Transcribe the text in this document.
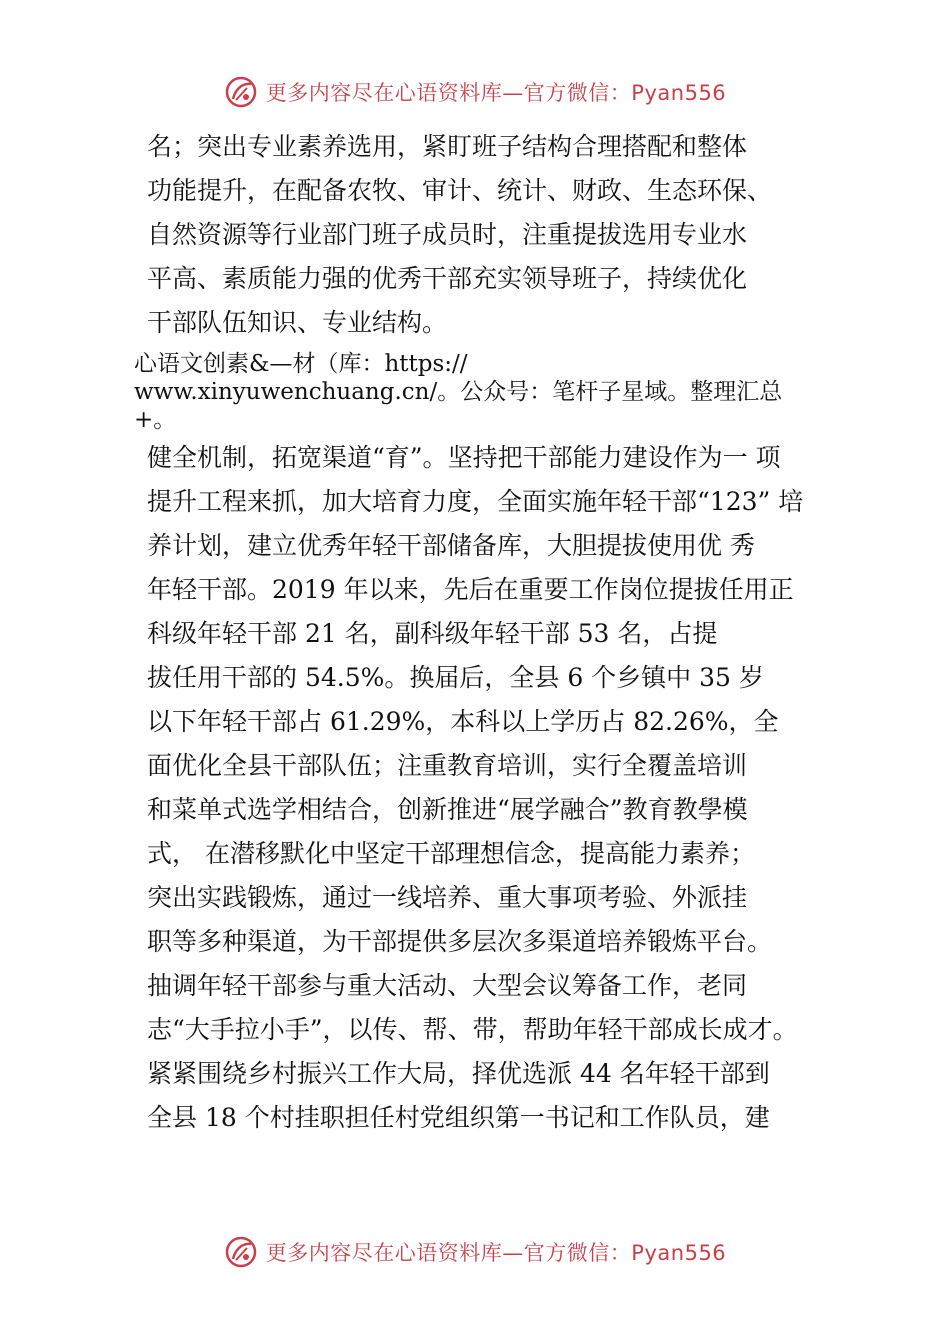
更多内容尽在心语资料库—官方微信：Pyan556
名；突出专业素养选用，紧盯班子结构合理搭配和整体
功能提升，在配备农牧、审计、统计、财政、生态环保、
自然资源等行业部门班子成员时，注重提拔选用专业水
平高、素质能力强的优秀干部充实领导班子，持续优化
干部队伍知识、专业结构。
心语文创素&—材（库：https://
www.xinyuwenchuang.cn/。公众号：笔杆子星域。整理汇总
+。
健全机制，拓宽渠道“育”。坚持把干部能力建设作为一 项
提升工程来抓，加大培育力度，全面实施年轻干部“123” 培
养计划，建立优秀年轻干部储备库，大胆提拔使用优 秀
年轻干部。2019 年以来，先后在重要工作岗位提拔任用正
科级年轻干部 21 名，副科级年轻干部 53 名，占提
拔任用干部的 54.5%。换届后，全县 6 个乡镇中 35 岁
以下年轻干部占 61.29%，本科以上学历占 82.26%，全
面优化全县干部队伍；注重教育培训，实行全覆盖培训
和菜单式选学相结合，创新推进“展学融合”教育教學模
式， 在潜移默化中坚定干部理想信念，提高能力素养；
突出实践锻炼，通过一线培养、重大事项考验、外派挂
职等多种渠道，为干部提供多层次多渠道培养锻炼平台。
抽调年轻干部参与重大活动、大型会议筹备工作，老同
志“大手拉小手”，以传、帮、带，帮助年轻干部成长成才。
紧紧围绕乡村振兴工作大局，择优选派 44 名年轻干部到
全县 18 个村挂职担任村党组织第一书记和工作队员，建
更多内容尽在心语资料库—官方微信：Pyan556
